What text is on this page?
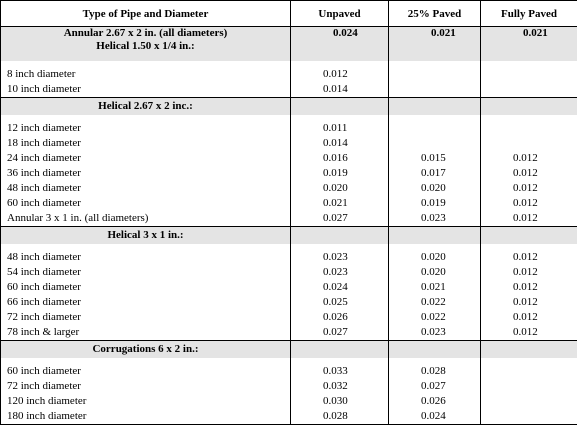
Type of Pipe and Diameter	Unpaved	25% Paved	Fully Paved

Annular 2.67 x 2 in. (all diameters)
Helical 1.50 x 1/4 in.:	0.024	0.021	0.021

8 inch diameter	0.012		
10 inch diameter	0.014		

Helical 2.67 x 2 inc.:			

12 inch diameter	0.011		
18 inch diameter	0.014		
24 inch diameter	0.016	0.015	0.012
36 inch diameter	0.019	0.017	0.012
48 inch diameter	0.020	0.020	0.012
60 inch diameter	0.021	0.019	0.012
Annular 3 x 1 in. (all diameters)	0.027	0.023	0.012

Helical 3 x 1 in.:			

48 inch diameter	0.023	0.020	0.012
54 inch diameter	0.023	0.020	0.012
60 inch diameter	0.024	0.021	0.012
66 inch diameter	0.025	0.022	0.012
72 inch diameter	0.026	0.022	0.012
78 inch & larger	0.027	0.023	0.012

Corrugations 6 x 2 in.:			

60 inch diameter	0.033	0.028	
72 inch diameter	0.032	0.027	
120 inch diameter	0.030	0.026	
180 inch diameter	0.028	0.024	
